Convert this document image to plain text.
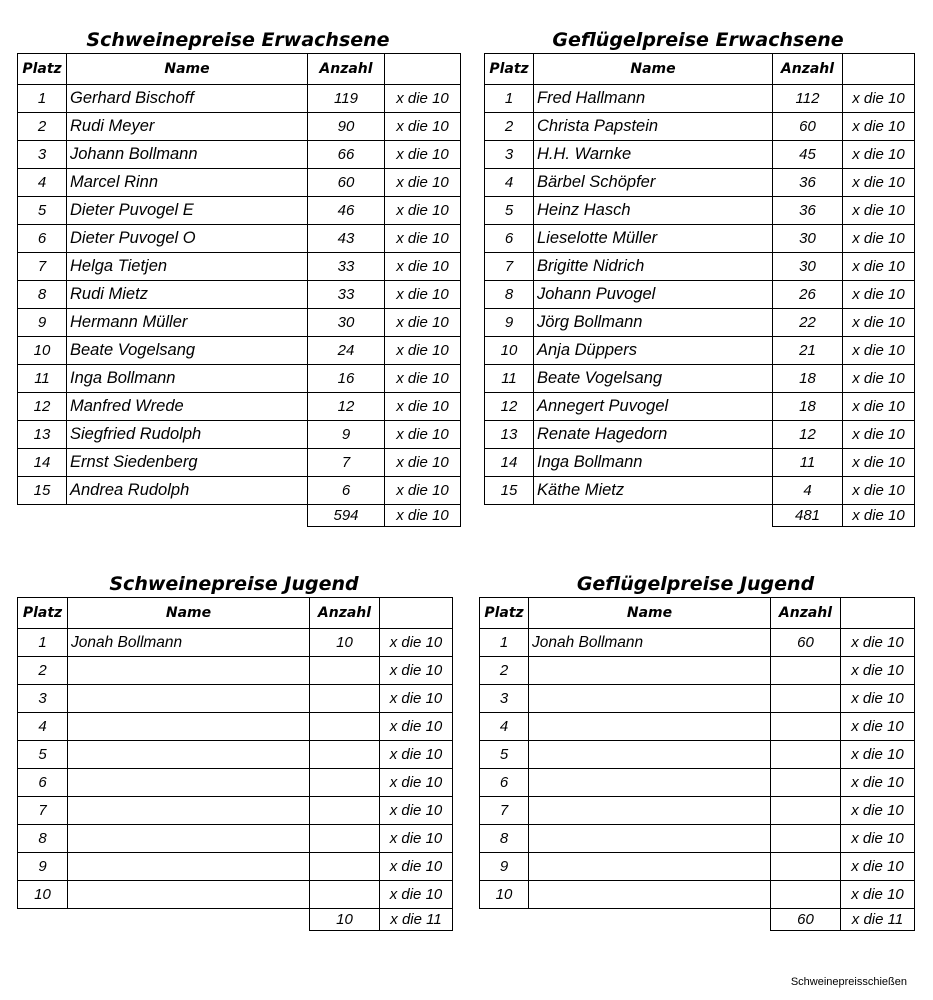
Schweinepreise Erwachsene
Platz	Name	Anzahl	
1	Gerhard Bischoff	119	x die 10
2	Rudi Meyer	90	x die 10
3	Johann Bollmann	66	x die 10
4	Marcel Rinn	60	x die 10
5	Dieter Puvogel E	46	x die 10
6	Dieter Puvogel O	43	x die 10
7	Helga Tietjen	33	x die 10
8	Rudi Mietz	33	x die 10
9	Hermann Müller	30	x die 10
10	Beate Vogelsang	24	x die 10
11	Inga Bollmann	16	x die 10
12	Manfred Wrede	12	x die 10
13	Siegfried Rudolph	9	x die 10
14	Ernst Siedenberg	7	x die 10
15	Andrea Rudolph	6	x die 10
		594	x die 10
Geflügelpreise Erwachsene
Platz	Name	Anzahl	
1	Fred Hallmann	112	x die 10
2	Christa Papstein	60	x die 10
3	H.H. Warnke	45	x die 10
4	Bärbel Schöpfer	36	x die 10
5	Heinz Hasch	36	x die 10
6	Lieselotte Müller	30	x die 10
7	Brigitte Nidrich	30	x die 10
8	Johann Puvogel	26	x die 10
9	Jörg Bollmann	22	x die 10
10	Anja Düppers	21	x die 10
11	Beate Vogelsang	18	x die 10
12	Annegert Puvogel	18	x die 10
13	Renate Hagedorn	12	x die 10
14	Inga Bollmann	11	x die 10
15	Käthe Mietz	4	x die 10
		481	x die 10
Schweinepreise Jugend
Platz	Name	Anzahl	
1	Jonah Bollmann	10	x die 10
2			x die 10
3			x die 10
4			x die 10
5			x die 10
6			x die 10
7			x die 10
8			x die 10
9			x die 10
10			x die 10
		10	x die 11
Geflügelpreise Jugend
Platz	Name	Anzahl	
1	Jonah Bollmann	60	x die 10
2			x die 10
3			x die 10
4			x die 10
5			x die 10
6			x die 10
7			x die 10
8			x die 10
9			x die 10
10			x die 10
		60	x die 11
Schweinepreisschießen
